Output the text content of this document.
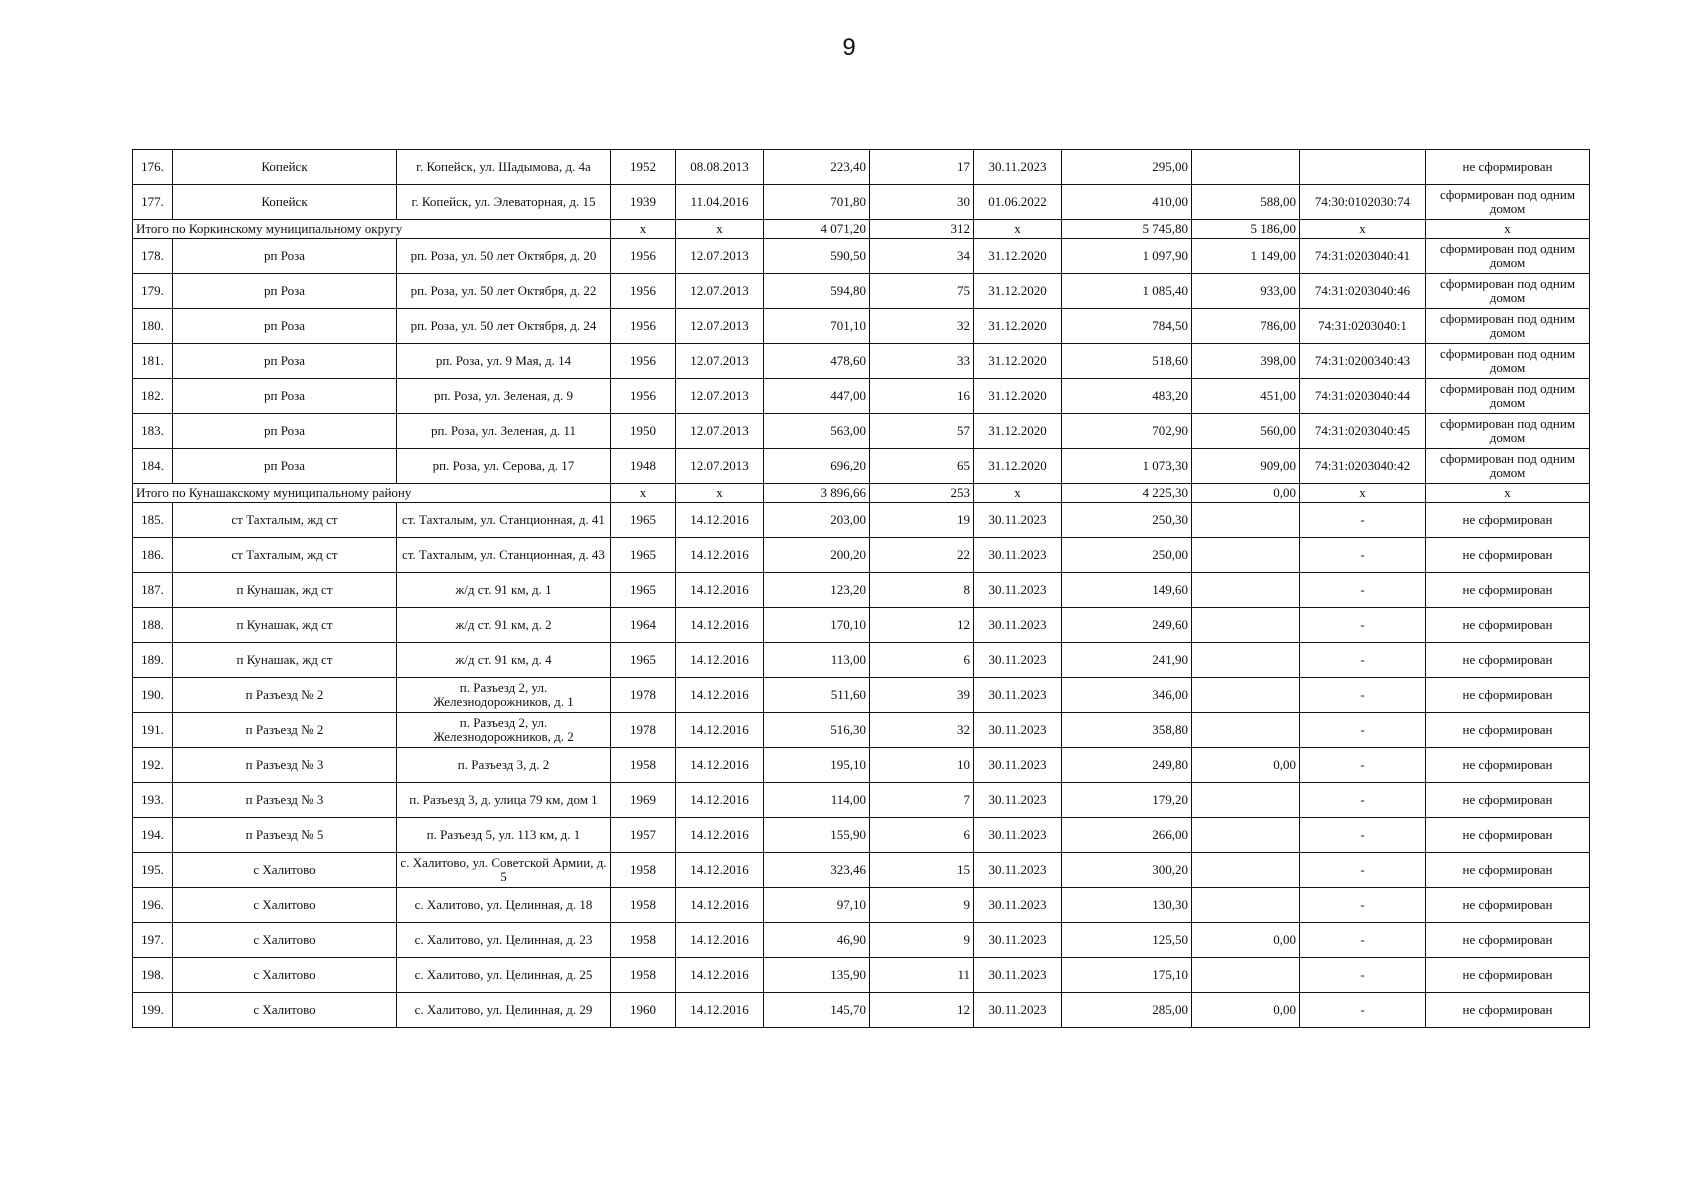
9
176.	Копейск	г. Копейск, ул. Шадымова, д. 4а	1952	08.08.2013	223,40	17	30.11.2023	295,00			не сформирован
177.	Копейск	г. Копейск, ул. Элеваторная, д. 15	1939	11.04.2016	701,80	30	01.06.2022	410,00	588,00	74:30:0102030:74	сформирован под одним домом
Итого по Коркинскому муниципальному округу			х	х	4 071,20	312	х	5 745,80	5 186,00	х	х
178.	рп Роза	рп. Роза, ул. 50 лет Октября, д. 20	1956	12.07.2013	590,50	34	31.12.2020	1 097,90	1 149,00	74:31:0203040:41	сформирован под одним домом
179.	рп Роза	рп. Роза, ул. 50 лет Октября, д. 22	1956	12.07.2013	594,80	75	31.12.2020	1 085,40	933,00	74:31:0203040:46	сформирован под одним домом
180.	рп Роза	рп. Роза, ул. 50 лет Октября, д. 24	1956	12.07.2013	701,10	32	31.12.2020	784,50	786,00	74:31:0203040:1	сформирован под одним домом
181.	рп Роза	рп. Роза, ул. 9 Мая, д. 14	1956	12.07.2013	478,60	33	31.12.2020	518,60	398,00	74:31:0200340:43	сформирован под одним домом
182.	рп Роза	рп. Роза, ул. Зеленая, д. 9	1956	12.07.2013	447,00	16	31.12.2020	483,20	451,00	74:31:0203040:44	сформирован под одним домом
183.	рп Роза	рп. Роза, ул. Зеленая, д. 11	1950	12.07.2013	563,00	57	31.12.2020	702,90	560,00	74:31:0203040:45	сформирован под одним домом
184.	рп Роза	рп. Роза, ул. Серова, д. 17	1948	12.07.2013	696,20	65	31.12.2020	1 073,30	909,00	74:31:0203040:42	сформирован под одним домом
Итого по Кунашакскому муниципальному району			х	х	3 896,66	253	х	4 225,30	0,00	х	х
185.	ст Тахталым, жд ст	ст. Тахталым, ул. Станционная, д. 41	1965	14.12.2016	203,00	19	30.11.2023	250,30		-	не сформирован
186.	ст Тахталым, жд ст	ст. Тахталым, ул. Станционная, д. 43	1965	14.12.2016	200,20	22	30.11.2023	250,00		-	не сформирован
187.	п Кунашак, жд ст	ж/д ст. 91 км, д. 1	1965	14.12.2016	123,20	8	30.11.2023	149,60		-	не сформирован
188.	п Кунашак, жд ст	ж/д ст. 91 км, д. 2	1964	14.12.2016	170,10	12	30.11.2023	249,60		-	не сформирован
189.	п Кунашак, жд ст	ж/д ст. 91 км, д. 4	1965	14.12.2016	113,00	6	30.11.2023	241,90		-	не сформирован
190.	п Разъезд № 2	п. Разъезд 2, ул. Железнодорожников, д. 1	1978	14.12.2016	511,60	39	30.11.2023	346,00		-	не сформирован
191.	п Разъезд № 2	п. Разъезд 2, ул. Железнодорожников, д. 2	1978	14.12.2016	516,30	32	30.11.2023	358,80		-	не сформирован
192.	п Разъезд № 3	п. Разъезд 3, д. 2	1958	14.12.2016	195,10	10	30.11.2023	249,80	0,00	-	не сформирован
193.	п Разъезд № 3	п. Разъезд 3, д. улица 79 км, дом 1	1969	14.12.2016	114,00	7	30.11.2023	179,20		-	не сформирован
194.	п Разъезд № 5	п. Разъезд 5, ул. 113 км, д. 1	1957	14.12.2016	155,90	6	30.11.2023	266,00		-	не сформирован
195.	с Халитово	с. Халитово, ул. Советской Армии, д. 5	1958	14.12.2016	323,46	15	30.11.2023	300,20		-	не сформирован
196.	с Халитово	с. Халитово, ул. Целинная, д. 18	1958	14.12.2016	97,10	9	30.11.2023	130,30		-	не сформирован
197.	с Халитово	с. Халитово, ул. Целинная, д. 23	1958	14.12.2016	46,90	9	30.11.2023	125,50	0,00	-	не сформирован
198.	с Халитово	с. Халитово, ул. Целинная, д. 25	1958	14.12.2016	135,90	11	30.11.2023	175,10		-	не сформирован
199.	с Халитово	с. Халитово, ул. Целинная, д. 29	1960	14.12.2016	145,70	12	30.11.2023	285,00	0,00	-	не сформирован
